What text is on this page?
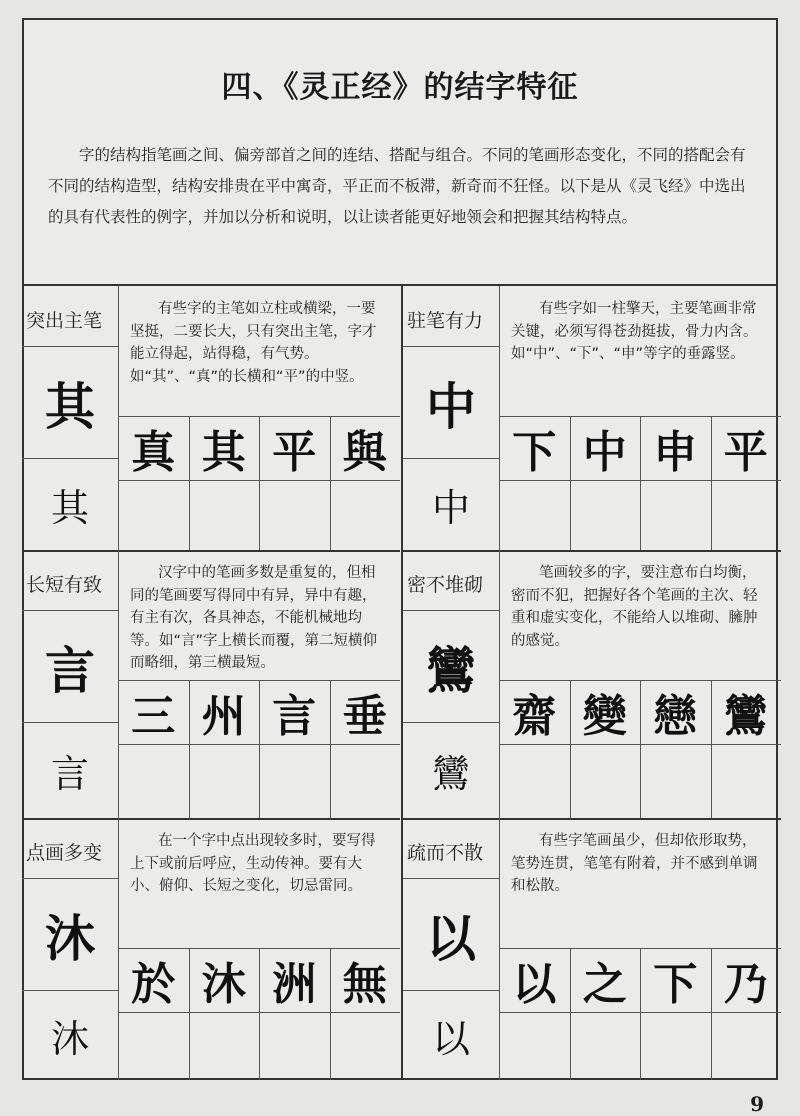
四、《灵正经》的结字特征
字的结构指笔画之间、偏旁部首之间的连结、搭配与组合。不同的笔画形态变化，不同的搭配会有不同的结构造型，结构安排贵在平中寓奇，平正而不板滞，新奇而不狂怪。以下是从《灵飞经》中选出的具有代表性的例字，并加以分析和说明，以让读者能更好地领会和把握其结构特点。
突出主笔
有些字的主笔如立柱或横梁，一要坚挺，二要长大，只有突出主笔，字才能立得起，站得稳，有气势。如“其”、“真”的长横和“平”的中竖。
其
其
真 其 平 與
驻笔有力
有些字如一柱擎天，主要笔画非常关键，必须写得苍劲挺拔，骨力内含。如“中”、“下”、“申”等字的垂露竖。
中
中
下 中 申 平
长短有致
汉字中的笔画多数是重复的，但相同的笔画要写得同中有异，异中有趣，有主有次，各具神态，不能机械地均等。如“言”字上横长而覆，第二短横仰而略细，第三横最短。
言
言
三 州 言 垂
密不堆砌
笔画较多的字，要注意布白均衡，密而不犯，把握好各个笔画的主次、轻重和虚实变化，不能给人以堆砌、臃肿的感觉。
鸞
鸞
齋 變 戀 鸞
点画多变
在一个字中点出现较多时，要写得上下或前后呼应，生动传神。要有大小、俯仰、长短之变化，切忌雷同。
沐
沐
於 沐 洲 無
疏而不散
有些字笔画虽少，但却依形取势，笔势连贯，笔笔有附着，并不感到单调和松散。
以
以
以 之 下 乃
9
